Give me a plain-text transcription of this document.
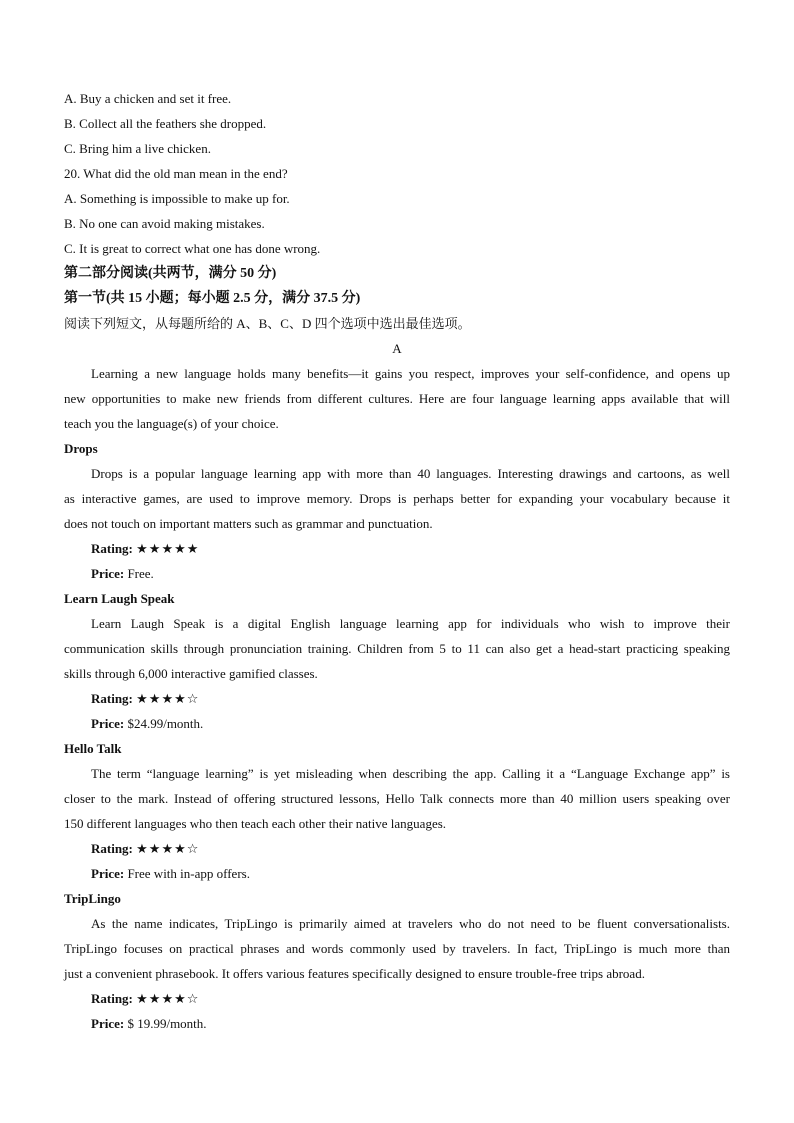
A. Buy a chicken and set it free.
B. Collect all the feathers she dropped.
C. Bring him a live chicken.
20. What did the old man mean in the end?
A. Something is impossible to make up for.
B. No one can avoid making mistakes.
C. It is great to correct what one has done wrong.
第二部分阅读(共两节，满分 50 分)
第一节(共 15 小题；每小题 2.5 分，满分 37.5 分)
阅读下列短文，从每题所给的 A、B、C、D 四个选项中选出最佳选项。
A
Learning a new language holds many benefits—it gains you respect, improves your self-confidence, and opens up
new opportunities to make new friends from different cultures. Here are four language learning apps available that will
teach you the language(s) of your choice.
Drops
Drops is a popular language learning app with more than 40 languages. Interesting drawings and cartoons, as well
as interactive games, are used to improve memory. Drops is perhaps better for expanding your vocabulary because it
does not touch on important matters such as grammar and punctuation.
Rating: ★★★★★
Price: Free.
Learn Laugh Speak
Learn Laugh Speak is a digital English language learning app for individuals who wish to improve their
communication skills through pronunciation training. Children from 5 to 11 can also get a head-start practicing speaking
skills through 6,000 interactive gamified classes.
Rating: ★★★★☆
Price: $24.99/month.
Hello Talk
The term “language learning” is yet misleading when describing the app. Calling it a “Language Exchange app” is
closer to the mark. Instead of offering structured lessons, Hello Talk connects more than 40 million users speaking over
150 different languages who then teach each other their native languages.
Rating: ★★★★☆
Price: Free with in-app offers.
TripLingo
As the name indicates, TripLingo is primarily aimed at travelers who do not need to be fluent conversationalists.
TripLingo focuses on practical phrases and words commonly used by travelers. In fact, TripLingo is much more than
just a convenient phrasebook. It offers various features specifically designed to ensure trouble-free trips abroad.
Rating: ★★★★☆
Price: $ 19.99/month.
